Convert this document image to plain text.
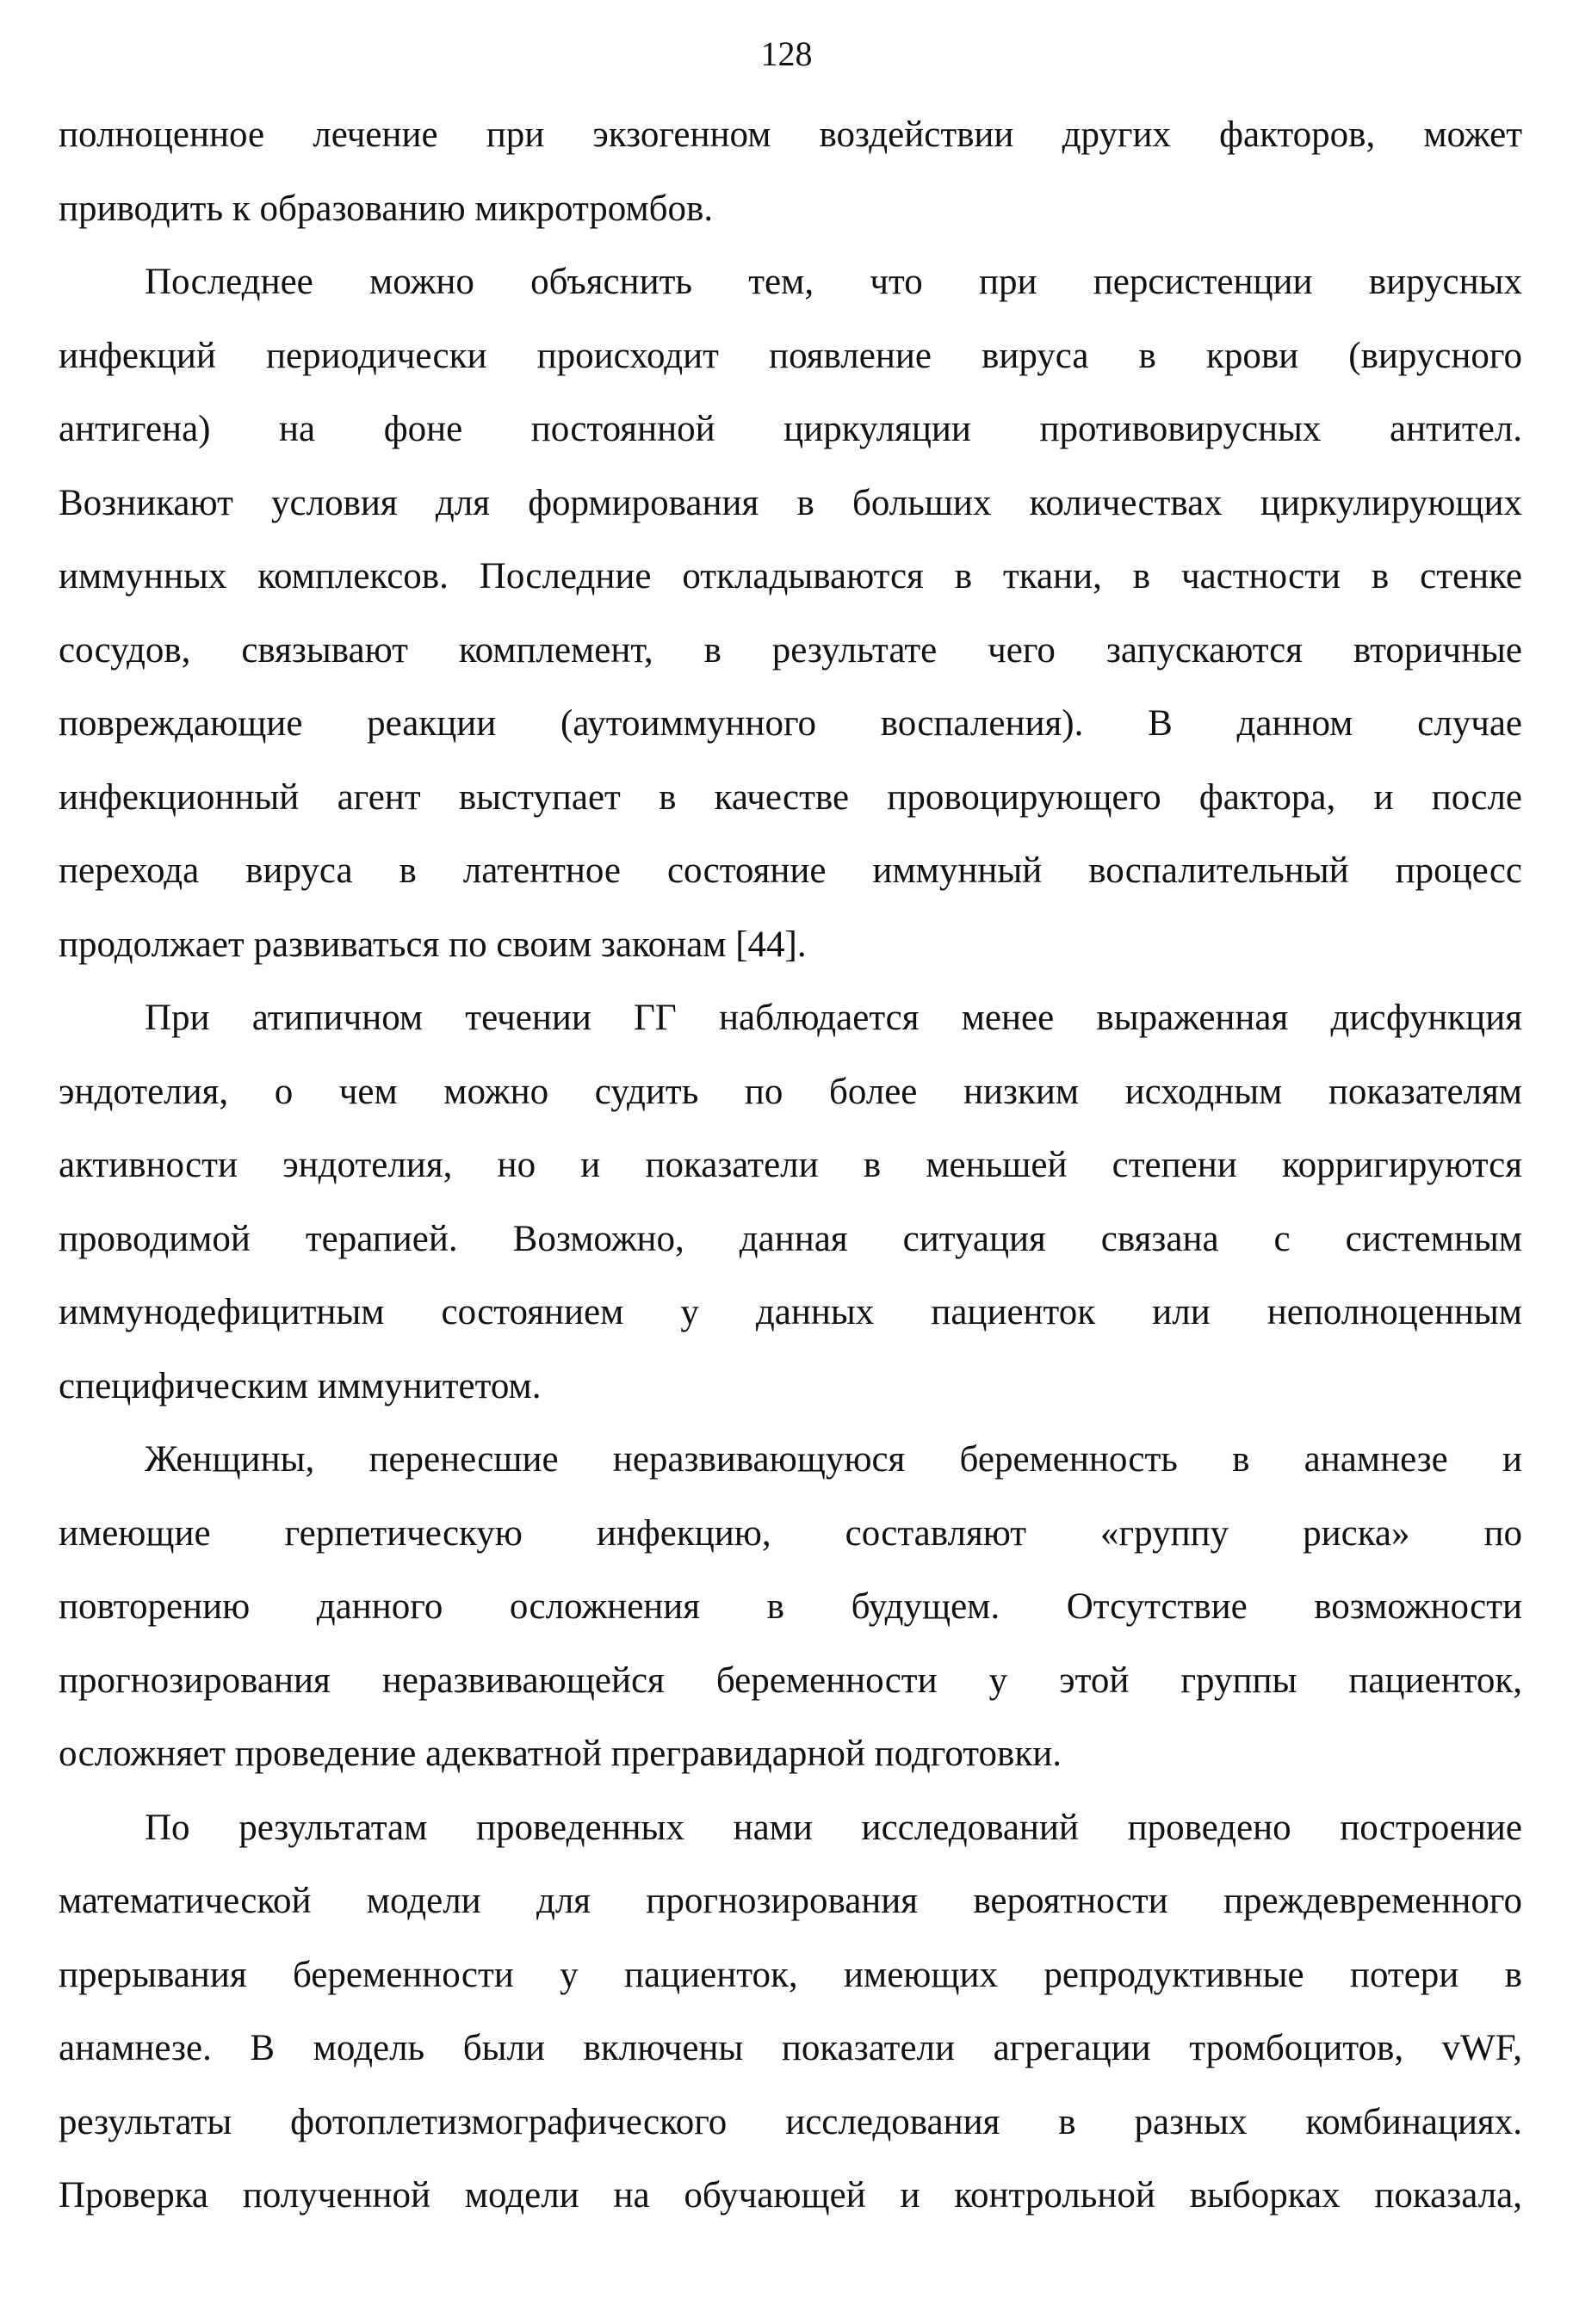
128

полноценное лечение при экзогенном воздействии других факторов, может
приводить к образованию микротромбов.

Последнее можно объяснить тем, что при персистенции вирусных
инфекций периодически происходит появление вируса в крови (вирусного
антигена) на фоне постоянной циркуляции противовирусных антител.
Возникают условия для формирования в больших количествах циркулирующих
иммунных комплексов. Последние откладываются в ткани, в частности в стенке
сосудов, связывают комплемент, в результате чего запускаются вторичные
повреждающие реакции (аутоиммунного воспаления). В данном случае
инфекционный агент выступает в качестве провоцирующего фактора, и после
перехода вируса в латентное состояние иммунный воспалительный процесс
продолжает развиваться по своим законам [44].

При атипичном течении ГГ наблюдается менее выраженная дисфункция
эндотелия, о чем можно судить по более низким исходным показателям
активности эндотелия, но и показатели в меньшей степени корригируются
проводимой терапией. Возможно, данная ситуация связана с системным
иммунодефицитным состоянием у данных пациенток или неполноценным
специфическим иммунитетом.

Женщины, перенесшие неразвивающуюся беременность в анамнезе и
имеющие герпетическую инфекцию, составляют «группу риска» по
повторению данного осложнения в будущем. Отсутствие возможности
прогнозирования неразвивающейся беременности у этой группы пациенток,
осложняет проведение адекватной прегравидарной подготовки.

По результатам проведенных нами исследований проведено построение
математической модели для прогнозирования вероятности преждевременного
прерывания беременности у пациенток, имеющих репродуктивные потери в
анамнезе. В модель были включены показатели агрегации тромбоцитов, vWF,
результаты фотоплетизмографического исследования в разных комбинациях.
Проверка полученной модели на обучающей и контрольной выборках показала,
